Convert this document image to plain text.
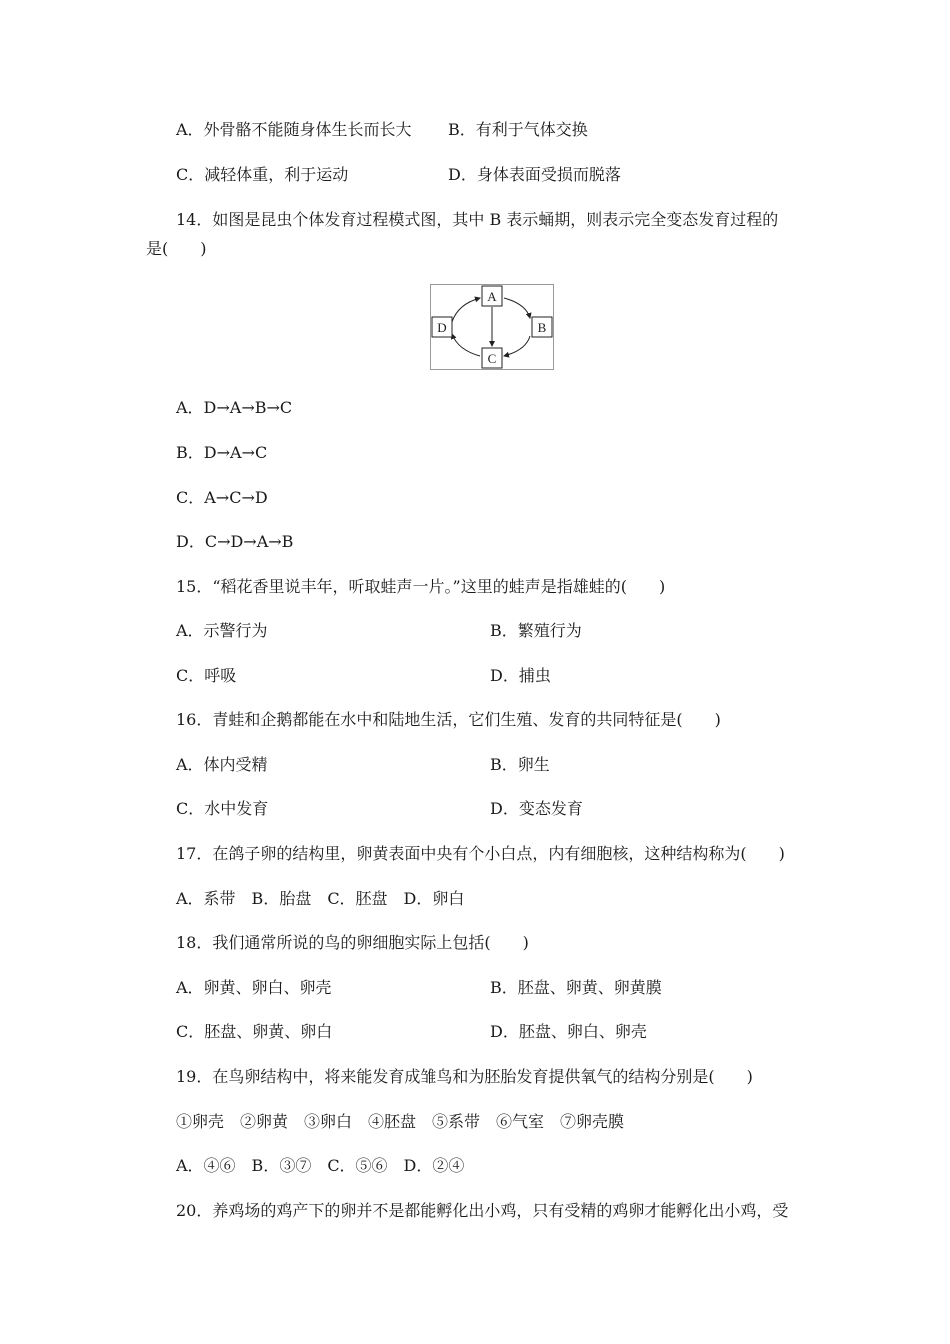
A．外骨骼不能随身体生长而长大 B．有利于气体交换
C．减轻体重，利于运动	D．身体表面受损而脱落
14．如图是昆虫个体发育过程模式图，其中 B 表示蛹期，则表示完全变态发育过程的
是(　　)
A
B
C
D
A．D→A→B→C
B．D→A→C
C．A→C→D
D．C→D→A→B
15．“稻花香里说丰年，听取蛙声一片。”这里的蛙声是指雄蛙的(　　)
A．示警行为	B．繁殖行为
C．呼吸	D．捕虫
16．青蛙和企鹅都能在水中和陆地生活，它们生殖、发育的共同特征是(　　)
A．体内受精	B．卵生
C．水中发育	D．变态发育
17．在鸽子卵的结构里，卵黄表面中央有个小白点，内有细胞核，这种结构称为(　　)
A．系带　B．胎盘　C．胚盘　D．卵白
18．我们通常所说的鸟的卵细胞实际上包括(　　)
A．卵黄、卵白、卵壳	B．胚盘、卵黄、卵黄膜
C．胚盘、卵黄、卵白	D．胚盘、卵白、卵壳
19．在鸟卵结构中，将来能发育成雏鸟和为胚胎发育提供氧气的结构分别是(　　)
①卵壳　②卵黄　③卵白　④胚盘　⑤系带　⑥气室　⑦卵壳膜
A．④⑥　B．③⑦　C．⑤⑥　D．②④
20．养鸡场的鸡产下的卵并不是都能孵化出小鸡，只有受精的鸡卵才能孵化出小鸡，受
